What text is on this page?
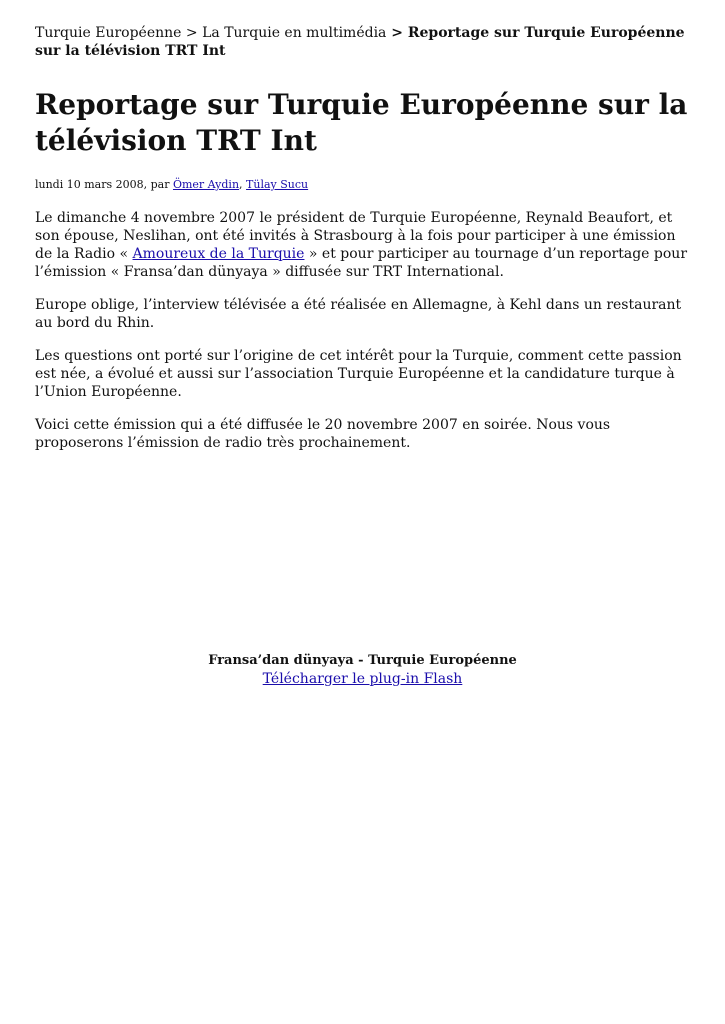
Turquie Européenne > La Turquie en multimédia > Reportage sur Turquie Européenne sur la télévision TRT Int
Reportage sur Turquie Européenne sur la télévision TRT Int
lundi 10 mars 2008, par Ömer Aydin, Tülay Sucu

Le dimanche 4 novembre 2007 le président de Turquie Européenne, Reynald Beaufort, et son épouse, Neslihan, ont été invités à Strasbourg à la fois pour participer à une émission de la Radio « Amoureux de la Turquie » et pour participer au tournage d’un reportage pour l’émission « Fransa’dan dünyaya » diffusée sur TRT International.

Europe oblige, l’interview télévisée a été réalisée en Allemagne, à Kehl dans un restaurant au bord du Rhin.

Les questions ont porté sur l’origine de cet intérêt pour la Turquie, comment cette passion est née, a évolué et aussi sur l’association Turquie Européenne et la candidature turque à l’Union Européenne.

Voici cette émission qui a été diffusée le 20 novembre 2007 en soirée. Nous vous proposerons l’émission de radio très prochainement.

Fransa’dan dünyaya - Turquie Européenne
Télécharger le plug-in Flash
